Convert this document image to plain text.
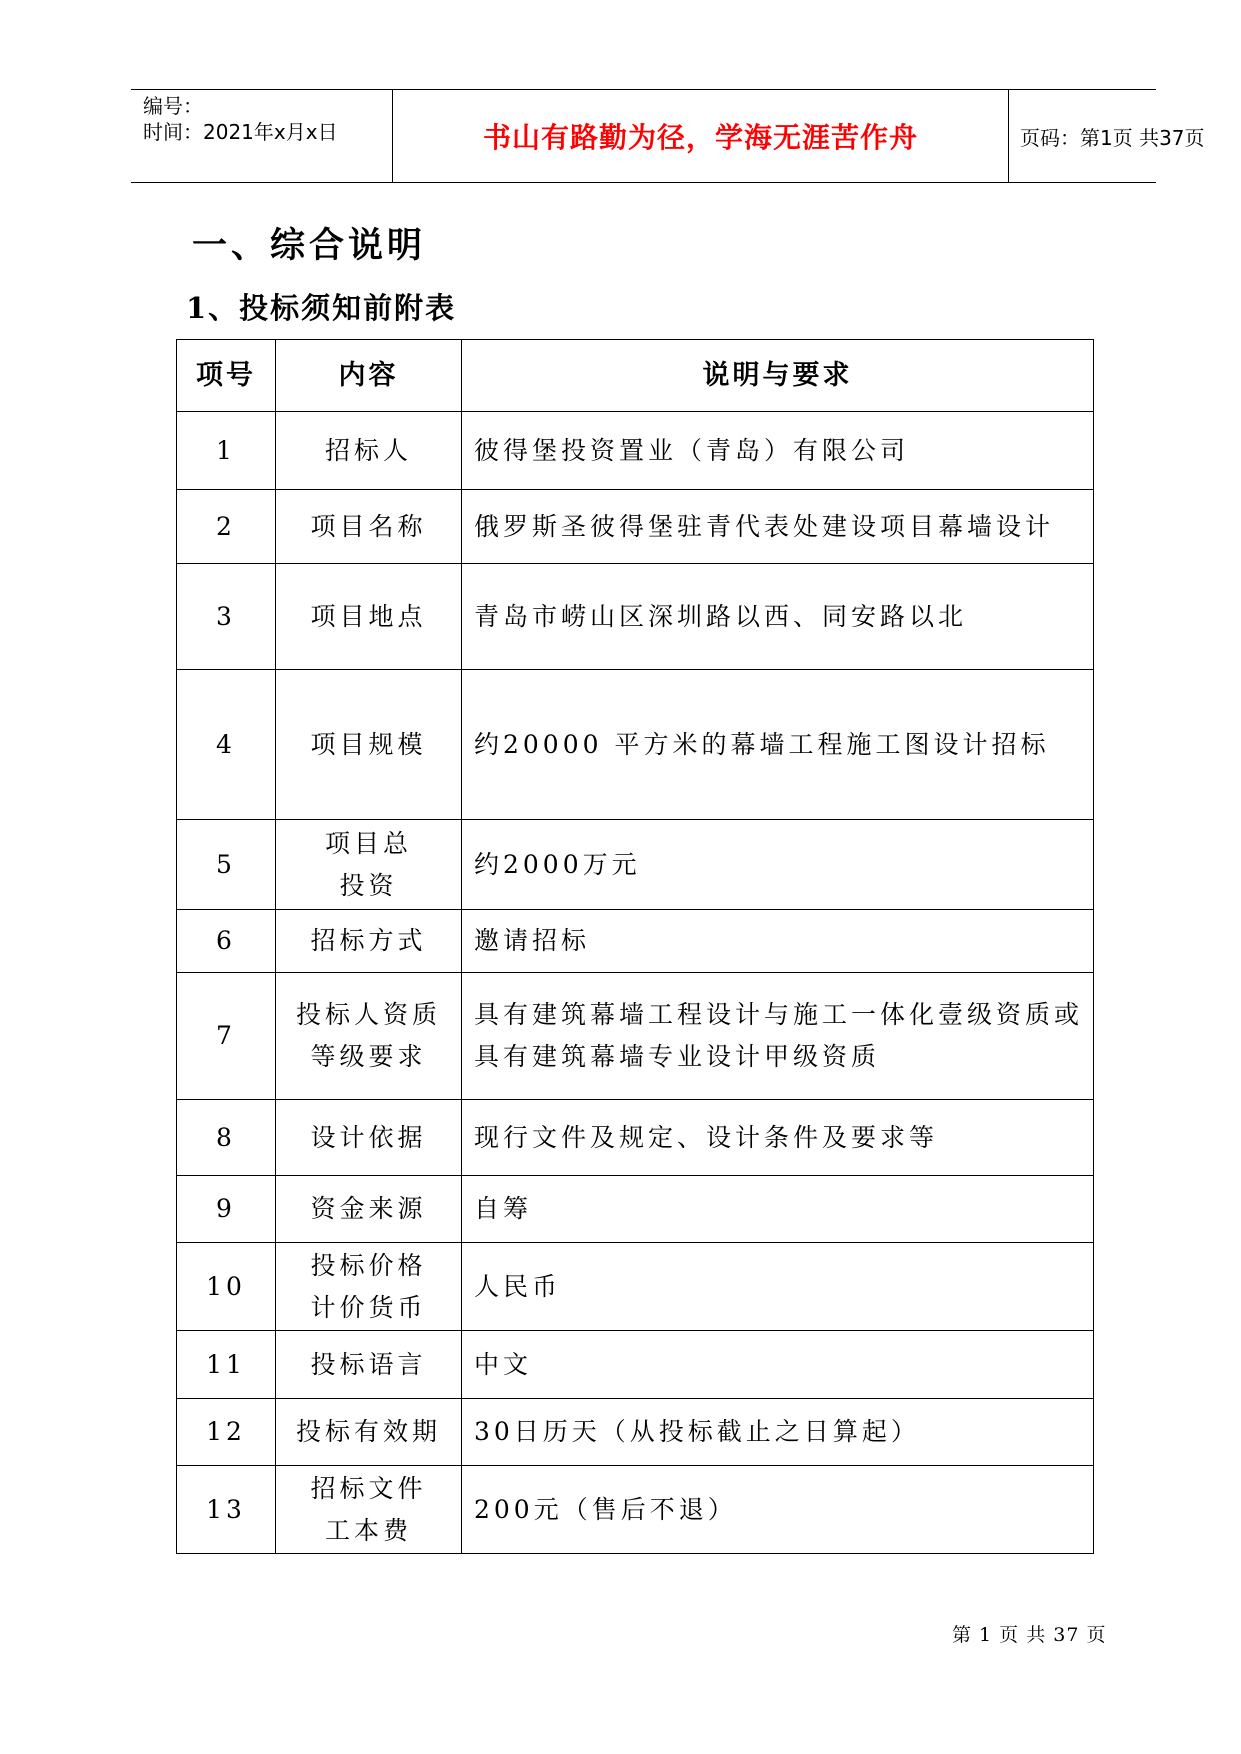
编号：
时间：2021年x月x日	书山有路勤为径，学海无涯苦作舟	页码：第1页 共37页
一、综合说明
1、投标须知前附表
项号	内容	说明与要求
1	招标人	彼得堡投资置业（青岛）有限公司
2	项目名称	俄罗斯圣彼得堡驻青代表处建设项目幕墙设计
3	项目地点	青岛市崂山区深圳路以西、同安路以北
4	项目规模	约20000 平方米的幕墙工程施工图设计招标
5	项目总投资	约2000万元
6	招标方式	邀请招标
7	投标人资质等级要求	具有建筑幕墙工程设计与施工一体化壹级资质或具有建筑幕墙专业设计甲级资质
8	设计依据	现行文件及规定、设计条件及要求等
9	资金来源	自筹
10	投标价格计价货币	人民币
11	投标语言	中文
12	投标有效期	30日历天（从投标截止之日算起）
13	招标文件工本费	200元（售后不退）
第 1 页 共 37 页
